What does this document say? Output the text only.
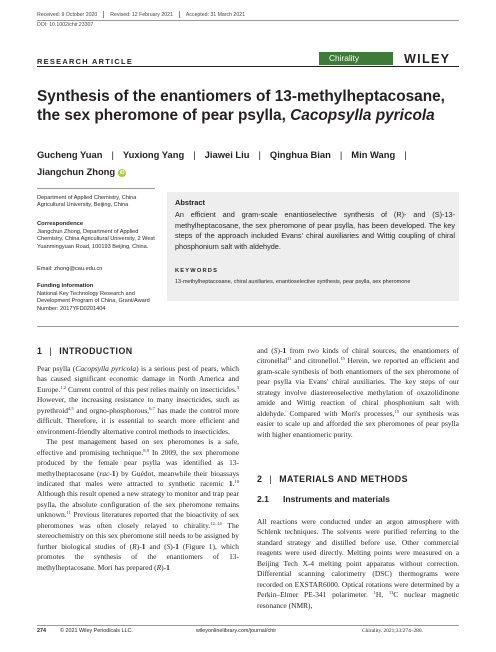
Received: 9 October 2020	Revised: 12 February 2021	Accepted: 31 March 2021
DOI: 10.1002/chir.23307
RESEARCH ARTICLE	Chirality	WILEY
Synthesis of the enantiomers of 13-methylheptacosane, the sex pheromone of pear psylla, Cacopsylla pyricola
Gucheng Yuan | Yuxiong Yang | Jiawei Liu | Qinghua Bian | Min Wang |
Jiangchun Zhong iD
Department of Applied Chemistry, China Agricultural University, Beijing, China
Correspondence
Jiangchun Zhong, Department of Applied Chemistry, China Agricultural University, 2 West Yuanmingyuan Road, 100193 Beijing, China.
Email: zhong@cau.edu.cn
Funding information
National Key Technology Research and Development Program of China, Grant/Award Number: 2017YFD0201404
Abstract
An efficient and gram-scale enantioselective synthesis of (R)- and (S)-13-methylheptacosane, the sex pheromone of pear psylla, has been developed. The key steps of the approach included Evans' chiral auxiliaries and Wittig coupling of chiral phosphonium salt with aldehyde.
KEYWORDS
13-methylheptacosane, chiral auxiliaries, enantioselective synthesis, pear psylla, sex pheromone
1 | INTRODUCTION

Pear psylla (Cacopsylla pyricola) is a serious pest of pears, which has caused significant economic damage in North America and Europe.$^{1,2}$ Current control of this pest relies mainly on insecticides.$^3$ However, the increasing resistance to many insecticides, such as pyrethroid$^{4,5}$ and orgno-phosphorous,$^{6,7}$ has made the control more difficult. Therefore, it is essential to search more efficient and environment-friendly alternative control methods to insecticides.

The pest management based on sex pheromones is a safe, effective and promising technique.$^{8,9}$ In 2009, the sex pheromone produced by the female pear psylla was identified as 13-methylheptacosane (rac-1) by Guédot, meanwhile their bioassays indicated that males were attracted to synthetic racemic 1.10 Although this result opened a new strategy to monitor and trap pear psylla, the absolute configuration of the sex pheromone remains unknown.$^{11}$ Previous literatures reported that the bioactivity of sex pheromones was often closely relayed to chirality.$^{12-14}$ The stereochemistry on this sex pheromone still needs to be assigned by further biological studies of (R)-1 and (S)-1 (Figure 1), which promotes the synthesis of the enantiomers of 13-methylheptacosane. Mori has prepared (R)-1

and (S)-1 from two kinds of chiral sources, the enantiomers of citronellal$^{11}$ and citronellol.$^{15}$ Herein, we reported an efficient and gram-scale synthesis of both enantiomers of the sex pheromone of pear psylla via Evans' chiral auxiliaries. The key steps of our strategy involve diastereoselective methylation of oxazolidinone amide and Wittig reaction of chiral phosphonium salt with aldehyde. Compared with Mori's processes,$^{15}$ our synthesis was easier to scale up and afforded the sex pheromones of pear psylla with higher enantiomeric purity.

2 | MATERIALS AND METHODS
2.1 Instruments and materials

All reactions were conducted under an argon atmosphere with Schlenk techniques. The solvents were purified referring to the standard strategy and distilled before use. Other commercial reagents were used directly. Melting points were measured on a Beijing Tech X-4 melting point apparatus without correction. Differential scanning calorimetry (DSC) thermograms were recorded on EXSTAR6000. Optical rotations were determined by a Perkin–Elmer PE-341 polarimeter. $^1$H, $^{13}$C nuclear magnetic resonance (NMR),

274	© 2021 Wiley Periodicals LLC.	wileyonlinelibrary.com/journal/chir	Chirality. 2021;33:274–280.
